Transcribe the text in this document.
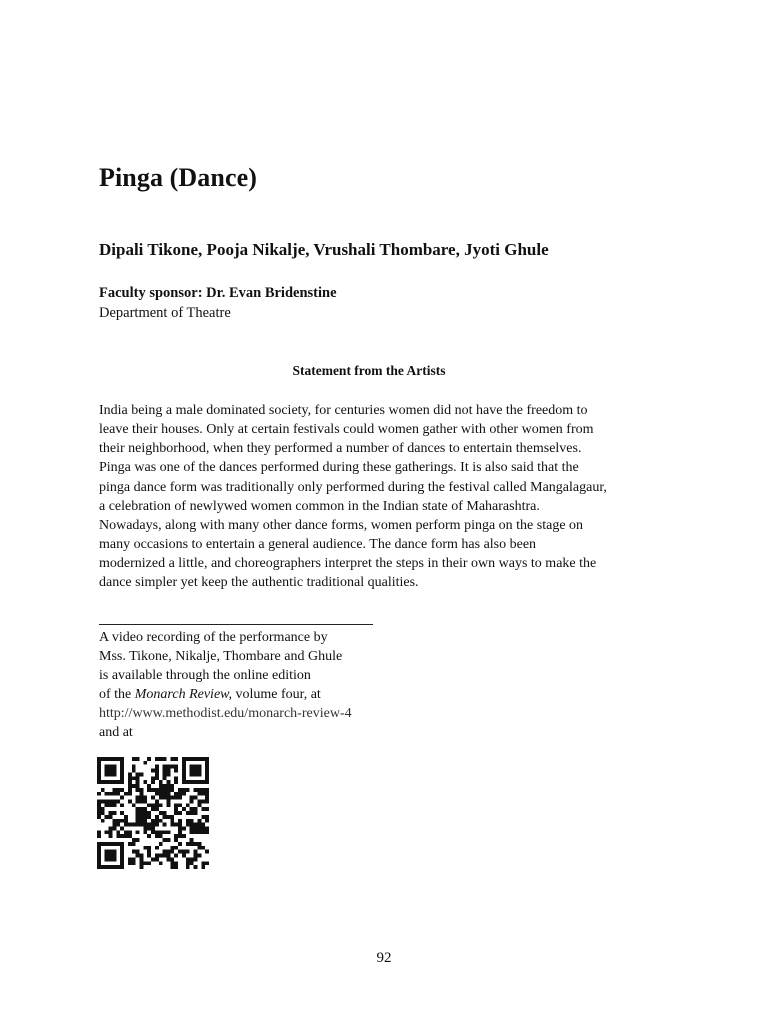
Pinga (Dance)

Dipali Tikone, Pooja Nikalje, Vrushali Thombare, Jyoti Ghule

Faculty sponsor: Dr. Evan Bridenstine

Department of Theatre

Statement from the Artists

India being a male dominated society, for centuries women did not have the freedom to
leave their houses. Only at certain festivals could women gather with other women from
their neighborhood, when they performed a number of dances to entertain themselves.
Pinga was one of the dances performed during these gatherings. It is also said that the
pinga dance form was traditionally only performed during the festival called Mangalagaur,
a celebration of newlywed women common in the Indian state of Maharashtra.
Nowadays, along with many other dance forms, women perform pinga on the stage on
many occasions to entertain a general audience. The dance form has also been
modernized a little, and choreographers interpret the steps in their own ways to make the
dance simpler yet keep the authentic traditional qualities.
A video recording of the performance by
Mss. Tikone, Nikalje, Thombare and Ghule
is available through the online edition
of the Monarch Review, volume four, at
http://www.methodist.edu/monarch-review-4
and at

92
